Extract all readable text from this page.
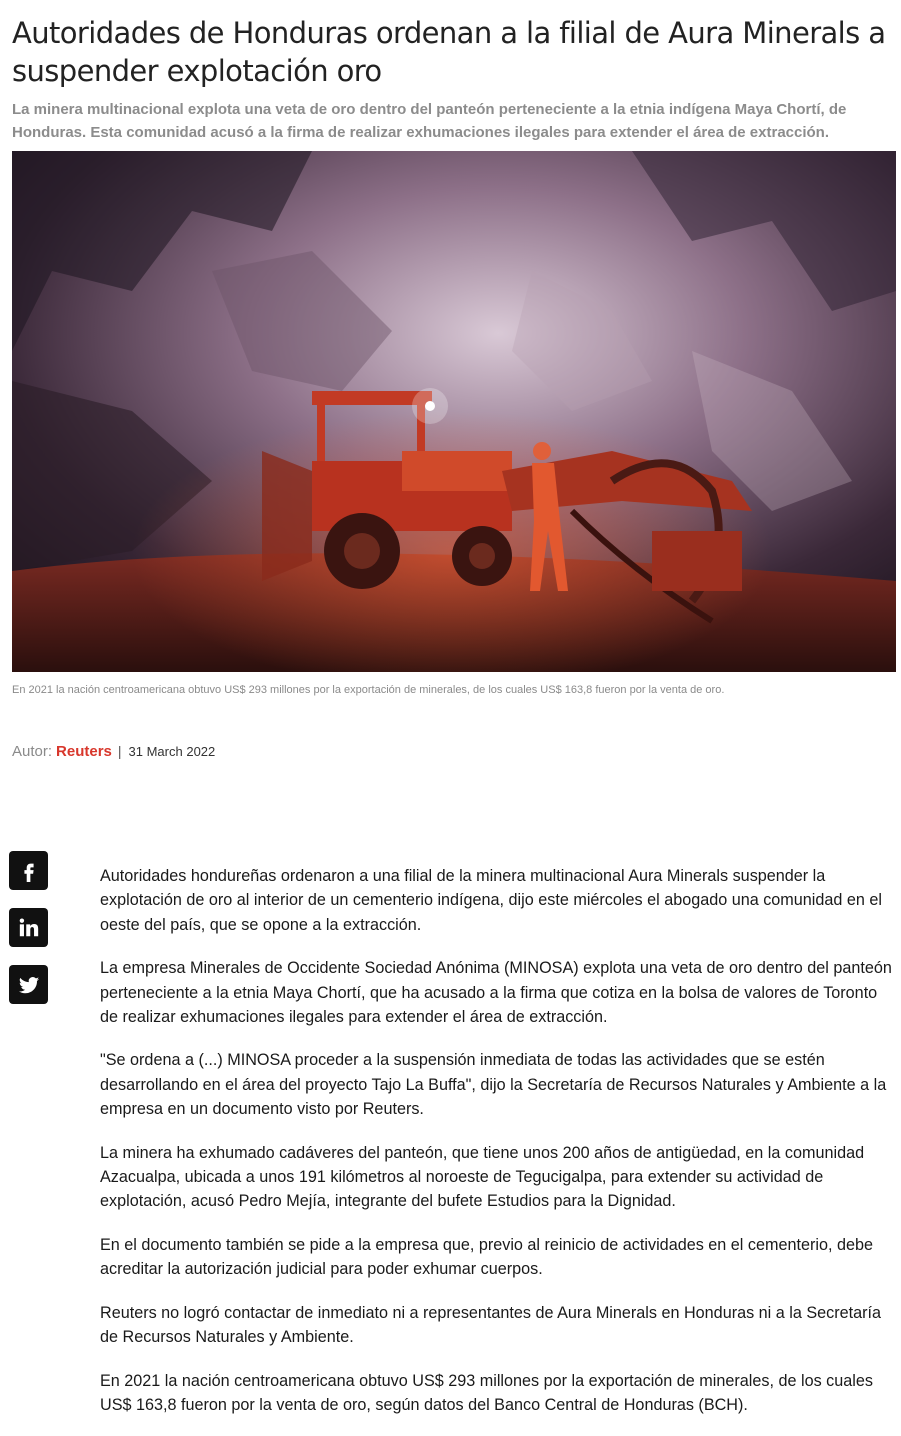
Autoridades de Honduras ordenan a la filial de Aura Minerals a suspender explotación oro

La minera multinacional explota una veta de oro dentro del panteón perteneciente a la etnia indígena Maya Chortí, de Honduras. Esta comunidad acusó a la firma de realizar exhumaciones ilegales para extender el área de extracción.

En 2021 la nación centroamericana obtuvo US$ 293 millones por la exportación de minerales, de los cuales US$ 163,8 fueron por la venta de oro.

Autor: Reuters | 31 March 2022

Autoridades hondureñas ordenaron a una filial de la minera multinacional Aura Minerals suspender la explotación de oro al interior de un cementerio indígena, dijo este miércoles el abogado una comunidad en el oeste del país, que se opone a la extracción.

La empresa Minerales de Occidente Sociedad Anónima (MINOSA) explota una veta de oro dentro del panteón perteneciente a la etnia Maya Chortí, que ha acusado a la firma que cotiza en la bolsa de valores de Toronto de realizar exhumaciones ilegales para extender el área de extracción.

"Se ordena a (...) MINOSA proceder a la suspensión inmediata de todas las actividades que se estén desarrollando en el área del proyecto Tajo La Buffa", dijo la Secretaría de Recursos Naturales y Ambiente a la empresa en un documento visto por Reuters.

La minera ha exhumado cadáveres del panteón, que tiene unos 200 años de antigüedad, en la comunidad Azacualpa, ubicada a unos 191 kilómetros al noroeste de Tegucigalpa, para extender su actividad de explotación, acusó Pedro Mejía, integrante del bufete Estudios para la Dignidad.

En el documento también se pide a la empresa que, previo al reinicio de actividades en el cementerio, debe acreditar la autorización judicial para poder exhumar cuerpos.

Reuters no logró contactar de inmediato ni a representantes de Aura Minerals en Honduras ni a la Secretaría de Recursos Naturales y Ambiente.

En 2021 la nación centroamericana obtuvo US$ 293 millones por la exportación de minerales, de los cuales US$ 163,8 fueron por la venta de oro, según datos del Banco Central de Honduras (BCH).
